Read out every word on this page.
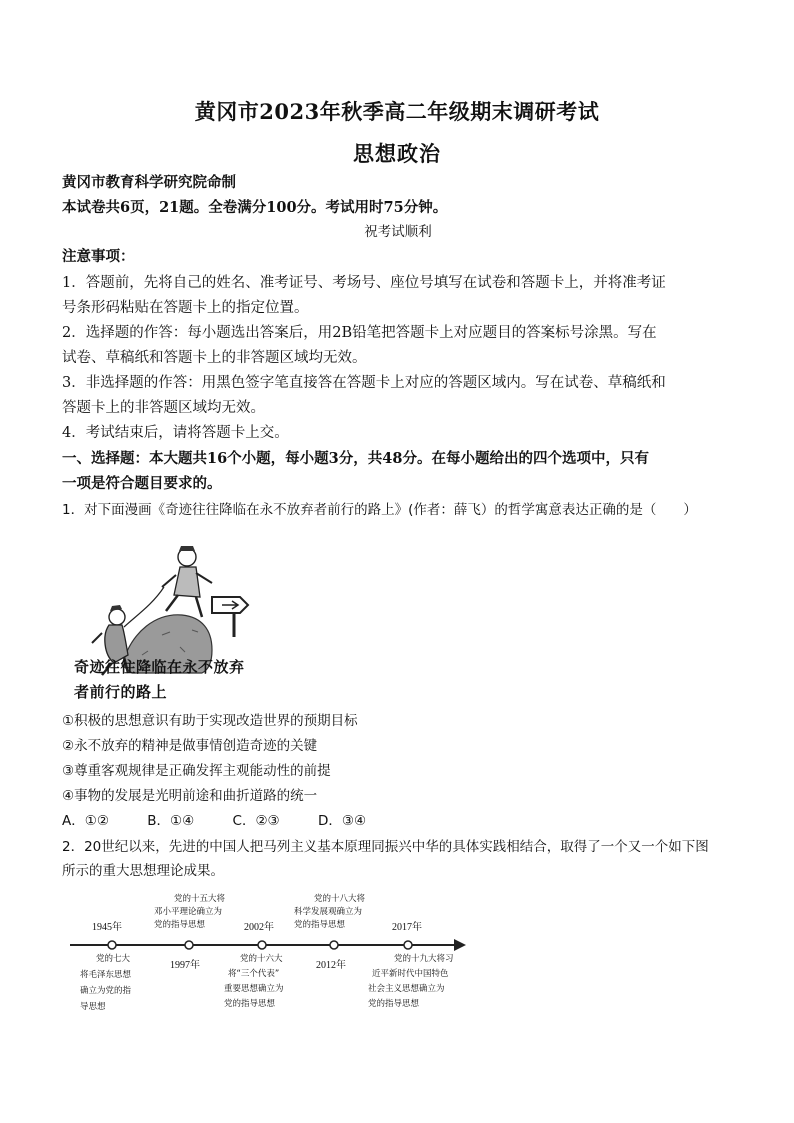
黄冈市2023年秋季高二年级期末调研考试
思想政治
黄冈市教育科学研究院命制
本试卷共6页，21题。全卷满分100分。考试用时75分钟。
祝考试顺利
注意事项：
1．答题前，先将自己的姓名、准考证号、考场号、座位号填写在试卷和答题卡上，并将准考证
号条形码粘贴在答题卡上的指定位置。
2．选择题的作答：每小题选出答案后，用2B铅笔把答题卡上对应题目的答案标号涂黑。写在
试卷、草稿纸和答题卡上的非答题区域均无效。
3．非选择题的作答：用黑色签字笔直接答在答题卡上对应的答题区域内。写在试卷、草稿纸和
答题卡上的非答题区域均无效。
4．考试结束后，请将答题卡上交。
一、选择题：本大题共16个小题，每小题3分，共48分。在每小题给出的四个选项中，只有
一项是符合题目要求的。
1．对下面漫画《奇迹往往降临在永不放弃者前行的路上》(作者：薛飞）的哲学寓意表达正确的是（　　）
奇迹往往降临在永不放弃
者前行的路上
①积极的思想意识有助于实现改造世界的预期目标
②永不放弃的精神是做事情创造奇迹的关键
③尊重客观规律是正确发挥主观能动性的前提
④事物的发展是光明前途和曲折道路的统一
A．①②	B．①④	C．②③	D．③④
2．20世纪以来，先进的中国人把马列主义基本原理同振兴中华的具体实践相结合，取得了一个又一个如下图
所示的重大思想理论成果。
1945年
1997年
2002年
2012年
2017年
党的七大
将毛泽东思想
确立为党的指
导思想
党的十五大将
邓小平理论确立为
党的指导思想
党的十六大
将“三个代表”
重要思想确立为
党的指导思想
党的十八大将
科学发展观确立为
党的指导思想
党的十九大将习
近平新时代中国特色
社会主义思想确立为
党的指导思想
